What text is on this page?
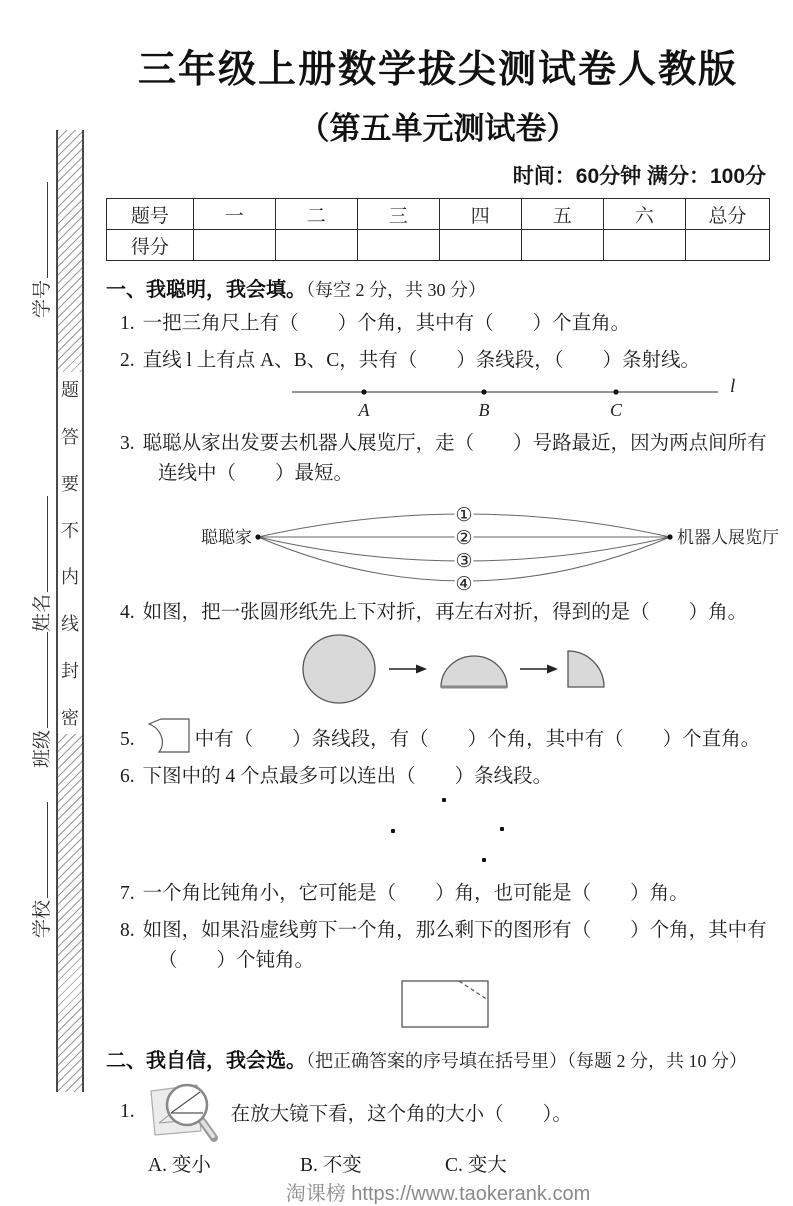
学号
姓名
班级
学校
题
答
要
不
内
线
封
密
三年级上册数学拔尖测试卷人教版
（第五单元测试卷）
时间：60分钟 满分：100分
题号	一	二	三	四	五	六	总分
得分							
一、我聪明，我会填。（每空 2 分，共 30 分）
1. 一把三角尺上有（　　）个角，其中有（　　）个直角。
2. 直线 l 上有点 A、B、C，共有（　　）条线段，（　　）条射线。
A	B	C
l
3. 聪聪从家出发要去机器人展览厅，走（　　）号路最近，因为两点间所有
连线中（　　）最短。
①
②
③
④
聪聪家	机器人展览厅
4. 如图，把一张圆形纸先上下对折，再左右对折，得到的是（　　）角。
5.	中有（　　）条线段，有（　　）个角，其中有（　　）个直角。
6. 下图中的 4 个点最多可以连出（　　）条线段。
7. 一个角比钝角小，它可能是（　　）角，也可能是（　　）角。
8. 如图，如果沿虚线剪下一个角，那么剩下的图形有（　　）个角，其中有
（　　）个钝角。
二、我自信，我会选。（把正确答案的序号填在括号里）（每题 2 分，共 10 分）
1.	在放大镜下看，这个角的大小（　　）。
A. 变小	B. 不变	C. 变大
淘课榜 https://www.taokerank.com
